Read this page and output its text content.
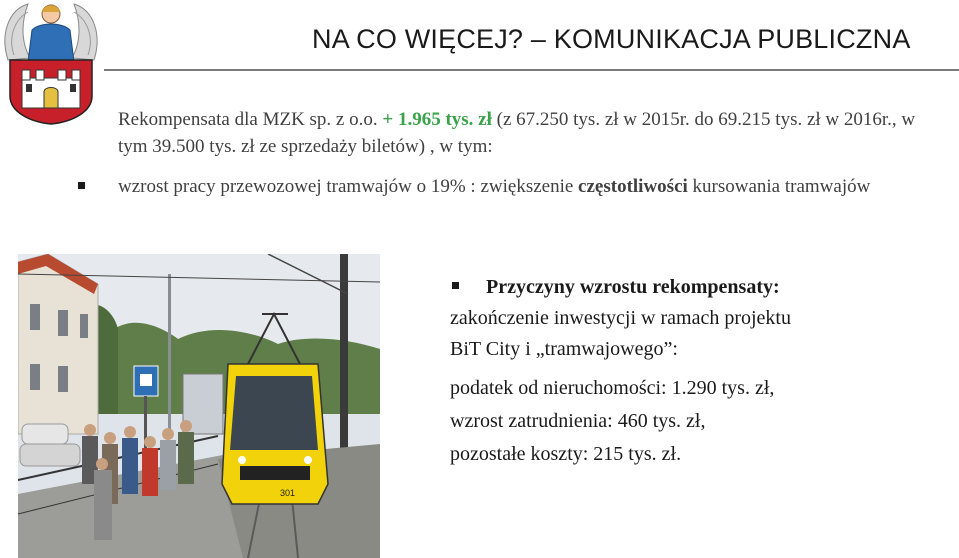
NA CO WIĘCEJ? – KOMUNIKACJA PUBLICZNA
Rekompensata dla MZK sp. z o.o. + 1.965 tys. zł (z 67.250 tys. zł w 2015r. do 69.215 tys. zł w 2016r., w tym 39.500 tys. zł ze sprzedaży biletów) , w tym:
wzrost pracy przewozowej tramwajów o 19% : zwiększenie częstotliwości kursowania tramwajów
301
Przyczyny wzrostu rekompensaty:
zakończenie inwestycji w ramach projektu
BiT City i „tramwajowego”:
podatek od nieruchomości: 1.290 tys. zł,
wzrost zatrudnienia: 460 tys. zł,
pozostałe koszty: 215 tys. zł.
